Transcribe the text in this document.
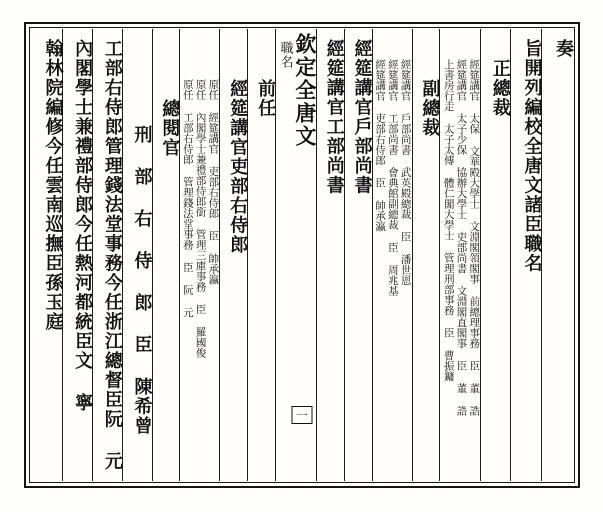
奏
旨開列編校全唐文諸臣職名
正總裁
經筵講官 太保 文華殿大學士 文淵閣領閣事 前總理事務 臣 董 誥
經筵講官 太子少保 協辦大學士 吏部尚書 文淵閣直閣事 臣 董 誥
上書房行走 太子太傅 體仁閣大學士 管理刑部事務 臣 曹振鏞
副總裁
經筵講官 戶部尚書 武英殿總裁 臣 潘世恩
經筵講官 工部尚書 會典館副總裁 臣 周兆基
經筵講官 吏部右侍郎 臣 帥承瀛
經筵講官戶部尚書
經筵講官工部尚書
欽定全唐文
職名
前任
經筵講官吏部右侍郎
原任 經筵講官 吏部右侍郎 臣 帥承瀛
原任 內閣學士兼禮部侍郎銜 管理三庫事務 臣 羅國俊
原任 工部右侍郎 管理錢法堂事務 臣 阮 元
總閱官
刑 部 右 侍 郎 臣 陳希曾
工部右侍郎管理錢法堂事務今任浙江總督臣阮 元
內閣學士兼禮部侍郎今任熱河都統臣文 寧
翰林院編修今任雲南巡撫臣孫玉庭
一
